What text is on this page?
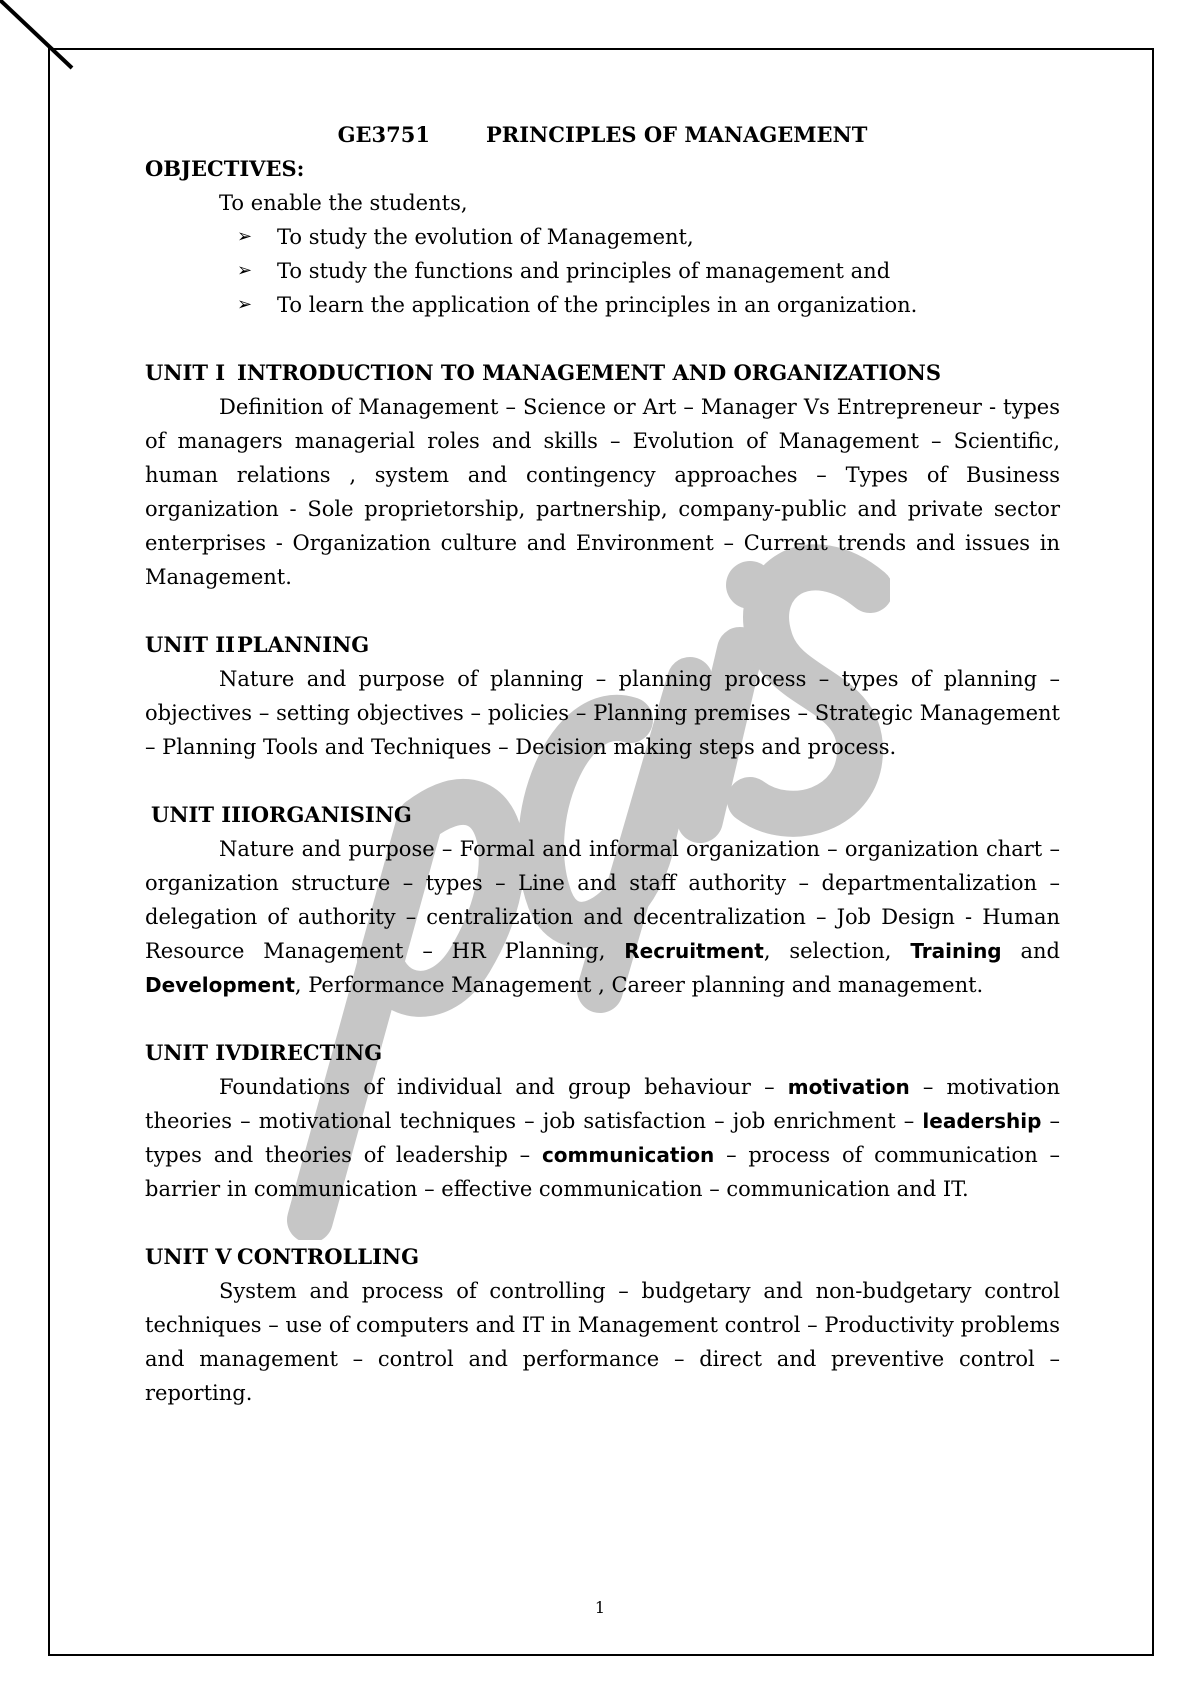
GE3751	PRINCIPLES OF MANAGEMENT

OBJECTIVES:

To enable the students,

➢ To study the evolution of Management,
➢ To study the functions and principles of management and
➢ To learn the application of the principles in an organization.

UNIT I INTRODUCTION TO MANAGEMENT AND ORGANIZATIONS

Definition of Management – Science or Art – Manager Vs Entrepreneur - types of managers managerial roles and skills – Evolution of Management – Scientific, human relations , system and contingency approaches – Types of Business organization - Sole proprietorship, partnership, company-public and private sector enterprises - Organization culture and Environment – Current trends and issues in Management.

UNIT IIPLANNING

Nature and purpose of planning – planning process – types of planning – objectives – setting objectives – policies – Planning premises – Strategic Management – Planning Tools and Techniques – Decision making steps and process.

UNIT IIIORGANISING

Nature and purpose – Formal and informal organization – organization chart – organization structure – types – Line and staff authority – departmentalization – delegation of authority – centralization and decentralization – Job Design - Human Resource Management – HR Planning, Recruitment, selection, Training and Development, Performance Management , Career planning and management.

UNIT IVDIRECTING

Foundations of individual and group behaviour – motivation – motivation theories – motivational techniques – job satisfaction – job enrichment – leadership – types and theories of leadership – communication – process of communication – barrier in communication – effective communication – communication and IT.

UNIT V CONTROLLING

System and process of controlling – budgetary and non-budgetary control techniques – use of computers and IT in Management control – Productivity problems and management – control and performance – direct and preventive control – reporting.

1
